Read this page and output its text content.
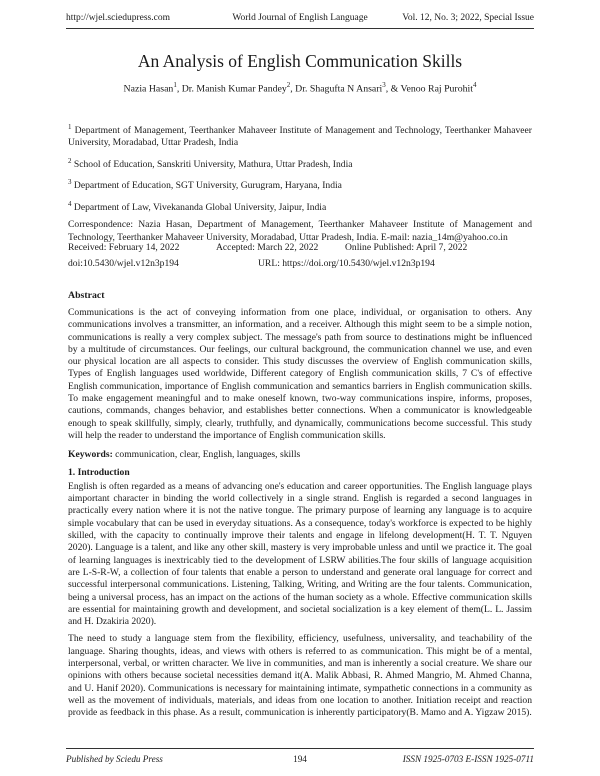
http://wjel.sciedupress.com	World Journal of English Language	Vol. 12, No. 3; 2022, Special Issue
An Analysis of English Communication Skills
Nazia Hasan$^1$, Dr. Manish Kumar Pandey$^2$, Dr. Shagufta N Ansari$^3$, & Venoo Raj Purohit$^4$

$^1$ Department of Management, Teerthanker Mahaveer Institute of Management and Technology, Teerthanker Mahaveer University, Moradabad, Uttar Pradesh, India

$^2$ School of Education, Sanskriti University, Mathura, Uttar Pradesh, India

$^3$ Department of Education, SGT University, Gurugram, Haryana, India

$^4$ Department of Law, Vivekananda Global University, Jaipur, India

Correspondence: Nazia Hasan, Department of Management, Teerthanker Mahaveer Institute of Management and Technology, Teerthanker Mahaveer University, Moradabad, Uttar Pradesh, India. E-mail: nazia_14m@yahoo.co.in

Received: February 14, 2022	Accepted: March 22, 2022	Online Published: April 7, 2022
doi:10.5430/wjel.v12n3p194	URL: https://doi.org/10.5430/wjel.v12n3p194
Abstract

Communications is the act of conveying information from one place, individual, or organisation to others. Any communications involves a transmitter, an information, and a receiver. Although this might seem to be a simple notion, communications is really a very complex subject. The message's path from source to destinations might be influenced by a multitude of circumstances. Our feelings, our cultural background, the communication channel we use, and even our physical location are all aspects to consider. This study discusses the overview of English communication skills, Types of English languages used worldwide, Different category of English communication skills, 7 C's of effective English communication, importance of English communication and semantics barriers in English communication skills. To make engagement meaningful and to make oneself known, two-way communications inspire, informs, proposes, cautions, commands, changes behavior, and establishes better connections. When a communicator is knowledgeable enough to speak skillfully, simply, clearly, truthfully, and dynamically, communications become successful. This study will help the reader to understand the importance of English communication skills.

Keywords: communication, clear, English, languages, skills

1. Introduction

English is often regarded as a means of advancing one's education and career opportunities. The English language plays aimportant character in binding the world collectively in a single strand. English is regarded a second languages in practically every nation where it is not the native tongue. The primary purpose of learning any language is to acquire simple vocabulary that can be used in everyday situations. As a consequence, today's workforce is expected to be highly skilled, with the capacity to continually improve their talents and engage in lifelong development(H. T. T. Nguyen 2020). Language is a talent, and like any other skill, mastery is very improbable unless and until we practice it. The goal of learning languages is inextricably tied to the development of LSRW abilities.The four skills of language acquisition are L-S-R-W, a collection of four talents that enable a person to understand and generate oral language for correct and successful interpersonal communications. Listening, Talking, Writing, and Writing are the four talents. Communication, being a universal process, has an impact on the actions of the human society as a whole. Effective communication skills are essential for maintaining growth and development, and societal socialization is a key element of them(L. L. Jassim and H. Dzakiria 2020).

The need to study a language stem from the flexibility, efficiency, usefulness, universality, and teachability of the language. Sharing thoughts, ideas, and views with others is referred to as communication. This might be of a mental, interpersonal, verbal, or written character. We live in communities, and man is inherently a social creature. We share our opinions with others because societal necessities demand it(A. Malik Abbasi, R. Ahmed Mangrio, M. Ahmed Channa, and U. Hanif 2020). Communications is necessary for maintaining intimate, sympathetic connections in a community as well as the movement of individuals, materials, and ideas from one location to another. Initiation receipt and reaction provide as feedback in this phase. As a result, communication is inherently participatory(B. Mamo and A. Yigzaw 2015).

Published by Sciedu Press	194	ISSN 1925-0703 E-ISSN 1925-0711
